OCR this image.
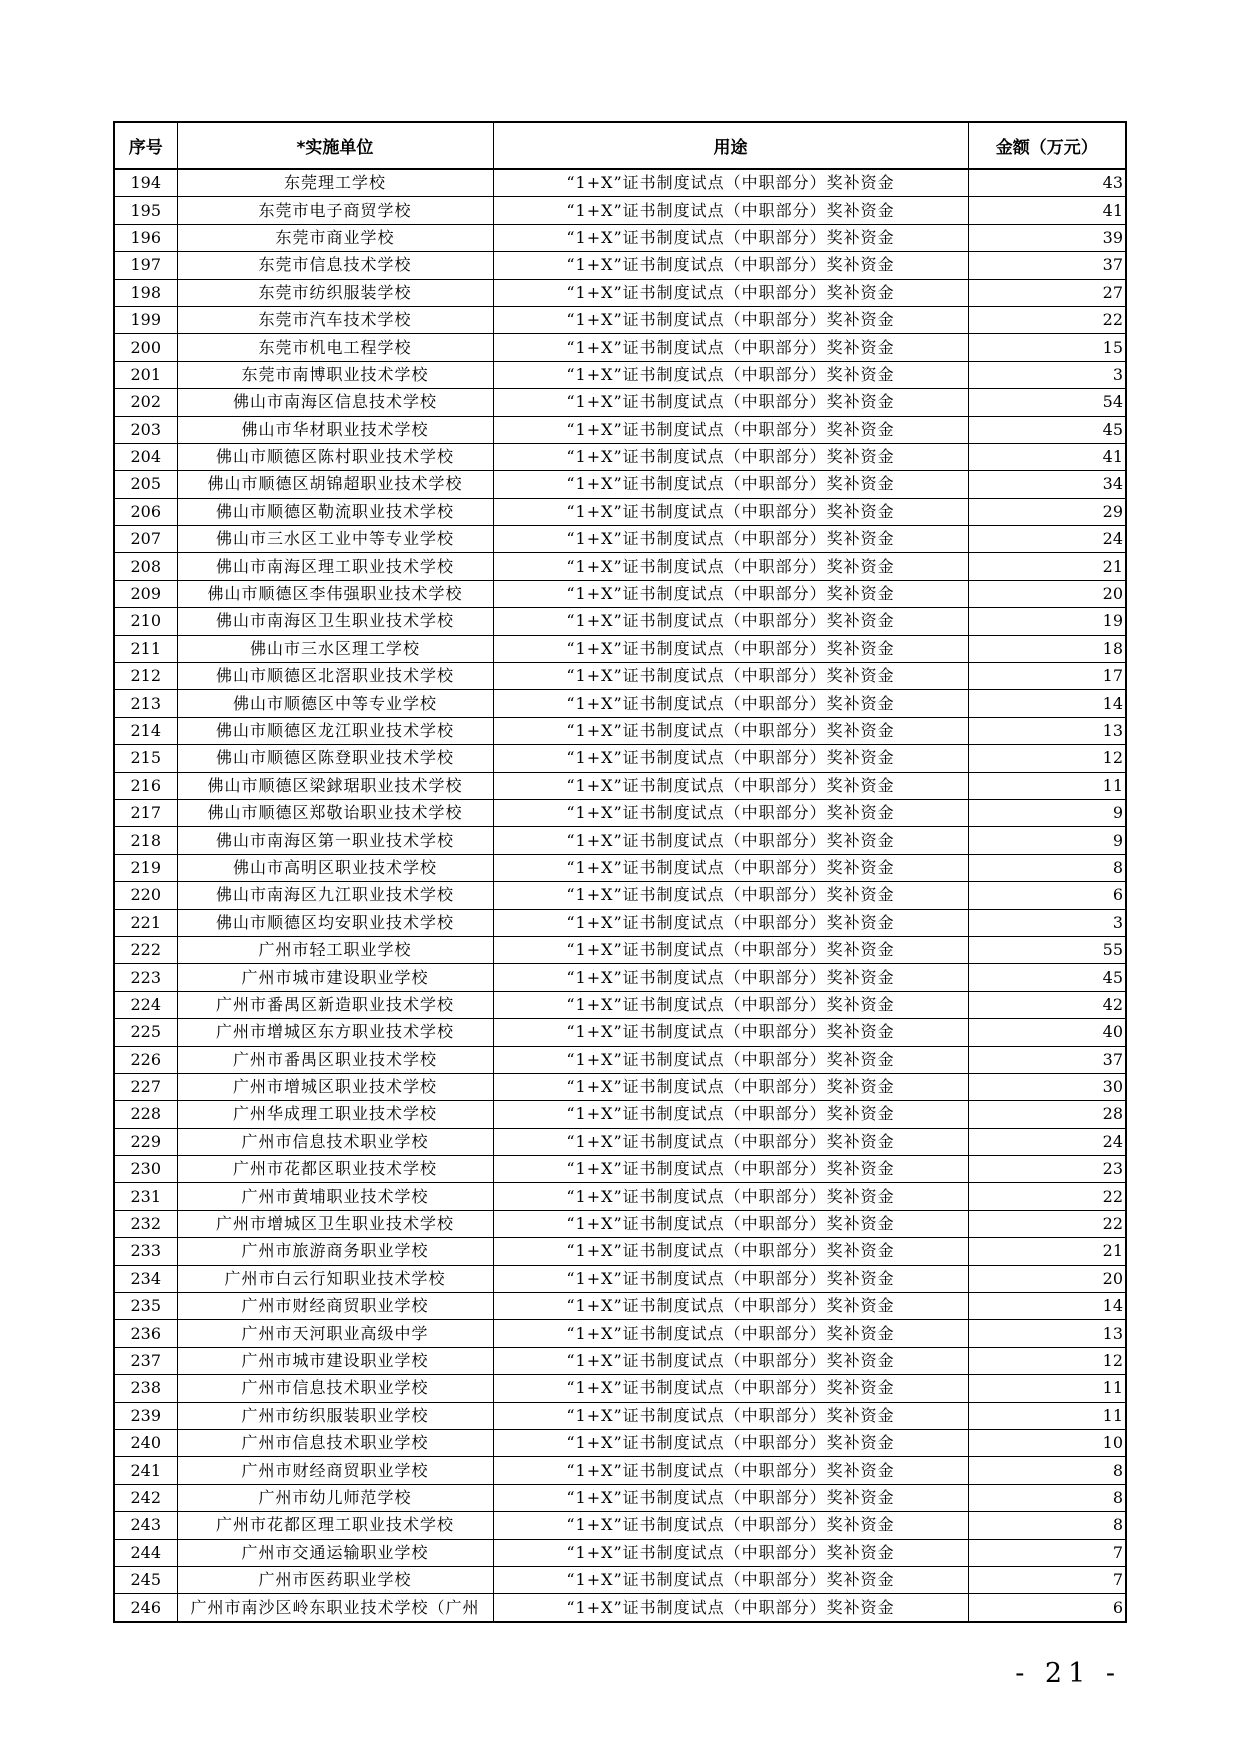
序号	*实施单位	用途	金额（万元）
194	东莞理工学校	“1+X”证书制度试点（中职部分）奖补资金	43
195	东莞市电子商贸学校	“1+X”证书制度试点（中职部分）奖补资金	41
196	东莞市商业学校	“1+X”证书制度试点（中职部分）奖补资金	39
197	东莞市信息技术学校	“1+X”证书制度试点（中职部分）奖补资金	37
198	东莞市纺织服装学校	“1+X”证书制度试点（中职部分）奖补资金	27
199	东莞市汽车技术学校	“1+X”证书制度试点（中职部分）奖补资金	22
200	东莞市机电工程学校	“1+X”证书制度试点（中职部分）奖补资金	15
201	东莞市南博职业技术学校	“1+X”证书制度试点（中职部分）奖补资金	3
202	佛山市南海区信息技术学校	“1+X”证书制度试点（中职部分）奖补资金	54
203	佛山市华材职业技术学校	“1+X”证书制度试点（中职部分）奖补资金	45
204	佛山市顺德区陈村职业技术学校	“1+X”证书制度试点（中职部分）奖补资金	41
205	佛山市顺德区胡锦超职业技术学校	“1+X”证书制度试点（中职部分）奖补资金	34
206	佛山市顺德区勒流职业技术学校	“1+X”证书制度试点（中职部分）奖补资金	29
207	佛山市三水区工业中等专业学校	“1+X”证书制度试点（中职部分）奖补资金	24
208	佛山市南海区理工职业技术学校	“1+X”证书制度试点（中职部分）奖补资金	21
209	佛山市顺德区李伟强职业技术学校	“1+X”证书制度试点（中职部分）奖补资金	20
210	佛山市南海区卫生职业技术学校	“1+X”证书制度试点（中职部分）奖补资金	19
211	佛山市三水区理工学校	“1+X”证书制度试点（中职部分）奖补资金	18
212	佛山市顺德区北滘职业技术学校	“1+X”证书制度试点（中职部分）奖补资金	17
213	佛山市顺德区中等专业学校	“1+X”证书制度试点（中职部分）奖补资金	14
214	佛山市顺德区龙江职业技术学校	“1+X”证书制度试点（中职部分）奖补资金	13
215	佛山市顺德区陈登职业技术学校	“1+X”证书制度试点（中职部分）奖补资金	12
216	佛山市顺德区梁銶琚职业技术学校	“1+X”证书制度试点（中职部分）奖补资金	11
217	佛山市顺德区郑敬诒职业技术学校	“1+X”证书制度试点（中职部分）奖补资金	9
218	佛山市南海区第一职业技术学校	“1+X”证书制度试点（中职部分）奖补资金	9
219	佛山市高明区职业技术学校	“1+X”证书制度试点（中职部分）奖补资金	8
220	佛山市南海区九江职业技术学校	“1+X”证书制度试点（中职部分）奖补资金	6
221	佛山市顺德区均安职业技术学校	“1+X”证书制度试点（中职部分）奖补资金	3
222	广州市轻工职业学校	“1+X”证书制度试点（中职部分）奖补资金	55
223	广州市城市建设职业学校	“1+X”证书制度试点（中职部分）奖补资金	45
224	广州市番禺区新造职业技术学校	“1+X”证书制度试点（中职部分）奖补资金	42
225	广州市增城区东方职业技术学校	“1+X”证书制度试点（中职部分）奖补资金	40
226	广州市番禺区职业技术学校	“1+X”证书制度试点（中职部分）奖补资金	37
227	广州市增城区职业技术学校	“1+X”证书制度试点（中职部分）奖补资金	30
228	广州华成理工职业技术学校	“1+X”证书制度试点（中职部分）奖补资金	28
229	广州市信息技术职业学校	“1+X”证书制度试点（中职部分）奖补资金	24
230	广州市花都区职业技术学校	“1+X”证书制度试点（中职部分）奖补资金	23
231	广州市黄埔职业技术学校	“1+X”证书制度试点（中职部分）奖补资金	22
232	广州市增城区卫生职业技术学校	“1+X”证书制度试点（中职部分）奖补资金	22
233	广州市旅游商务职业学校	“1+X”证书制度试点（中职部分）奖补资金	21
234	广州市白云行知职业技术学校	“1+X”证书制度试点（中职部分）奖补资金	20
235	广州市财经商贸职业学校	“1+X”证书制度试点（中职部分）奖补资金	14
236	广州市天河职业高级中学	“1+X”证书制度试点（中职部分）奖补资金	13
237	广州市城市建设职业学校	“1+X”证书制度试点（中职部分）奖补资金	12
238	广州市信息技术职业学校	“1+X”证书制度试点（中职部分）奖补资金	11
239	广州市纺织服装职业学校	“1+X”证书制度试点（中职部分）奖补资金	11
240	广州市信息技术职业学校	“1+X”证书制度试点（中职部分）奖补资金	10
241	广州市财经商贸职业学校	“1+X”证书制度试点（中职部分）奖补资金	8
242	广州市幼儿师范学校	“1+X”证书制度试点（中职部分）奖补资金	8
243	广州市花都区理工职业技术学校	“1+X”证书制度试点（中职部分）奖补资金	8
244	广州市交通运输职业学校	“1+X”证书制度试点（中职部分）奖补资金	7
245	广州市医药职业学校	“1+X”证书制度试点（中职部分）奖补资金	7
246	广州市南沙区岭东职业技术学校（广州	“1+X”证书制度试点（中职部分）奖补资金	6
- 21 -
